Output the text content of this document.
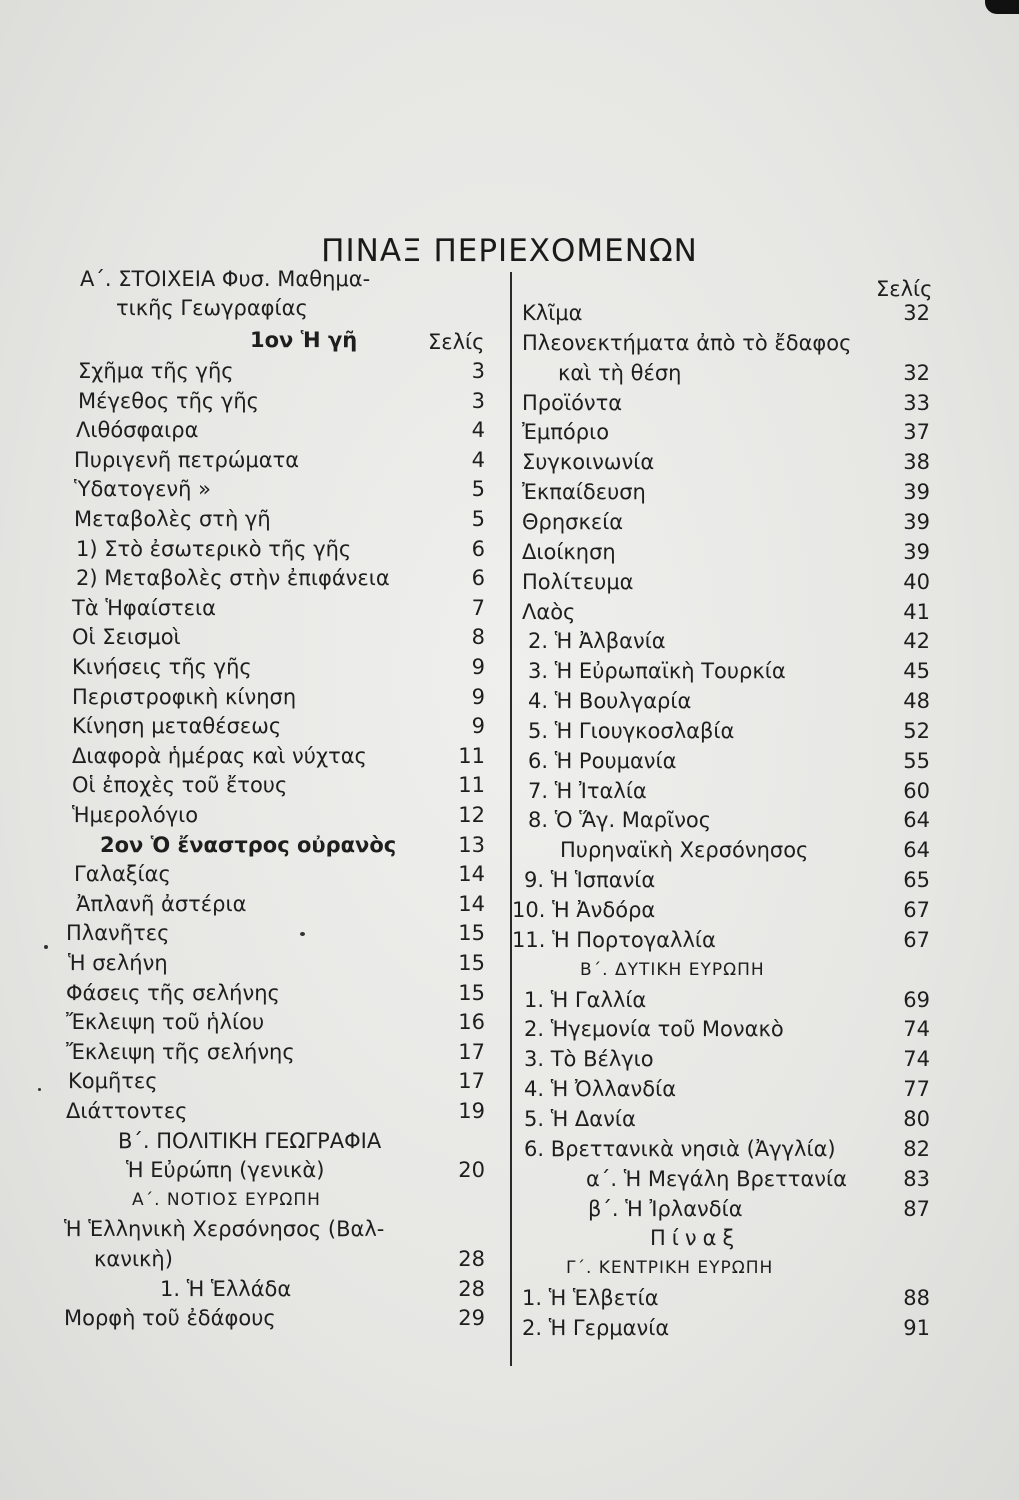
ΠΙΝΑΞ ΠΕΡΙΕΧΟΜΕΝΩΝ
Α΄. ΣΤΟΙΧΕΙΑ Φυσ. Μαθημα-
τικῆς Γεωγραφίας
1ον Ἡ γῆ	Σελίς
Σελίς
Σχῆμα τῆς γῆς	3
Μέγεθος τῆς γῆς	3
Λιθόσφαιρα	4
Πυριγενῆ πετρώματα	4
Ὑδατογενῆ »	5
Μεταβολὲς στὴ γῆ	5
1) Στὸ ἐσωτερικὸ τῆς γῆς	6
2) Μεταβολὲς στὴν ἐπιφάνεια	6
Τὰ Ἡφαίστεια	7
Οἱ Σεισμοὶ	8
Κινήσεις τῆς γῆς	9
Περιστροφικὴ κίνηση	9
Κίνηση μεταθέσεως	9
Διαφορὰ ἡμέρας καὶ νύχτας	11
Οἱ ἐποχὲς τοῦ ἔτους	11
Ἡμερολόγιο	12
2ον Ὁ ἔναστρος οὐρανὸς	13
Γαλαξίας	14
Ἀπλανῆ ἀστέρια	14
Πλανῆτες	15
Ἡ σελήνη	15
Φάσεις τῆς σελήνης	15
Ἔκλειψη τοῦ ἡλίου	16
Ἔκλειψη τῆς σελήνης	17
Κομῆτες	17
Διάττοντες	19
Β΄. ΠΟΛΙΤΙΚΗ ΓΕΩΓΡΑΦΙΑ
Ἡ Εὐρώπη (γενικὰ)	20
Α΄. ΝΟΤΙΟΣ ΕΥΡΩΠΗ
Ἡ Ἑλληνικὴ Χερσόνησος (Βαλ-
κανικὴ)	28
1. Ἡ Ἑλλάδα	28
Μορφὴ τοῦ ἐδάφους	29
Κλῖμα	32
Πλεονεκτήματα ἀπὸ τὸ ἔδαφος
καὶ τὴ θέση	32
Προϊόντα	33
Ἐμπόριο	37
Συγκοινωνία	38
Ἐκπαίδευση	39
Θρησκεία	39
Διοίκηση	39
Πολίτευμα	40
Λαὸς	41
2. Ἡ Ἀλβανία	42
3. Ἡ Εὐρωπαϊκὴ Τουρκία	45
4. Ἡ Βουλγαρία	48
5. Ἡ Γιουγκοσλαβία	52
6. Ἡ Ρουμανία	55
7. Ἡ Ἰταλία	60
8. Ὁ Ἅγ. Μαρῖνος	64
Πυρηναϊκὴ Χερσόνησος	64
9. Ἡ Ἱσπανία	65
10. Ἡ Ἀνδόρα	67
11. Ἡ Πορτογαλλία	67
Β΄. ΔΥΤΙΚΗ ΕΥΡΩΠΗ
1. Ἡ Γαλλία	69
2. Ἡγεμονία τοῦ Μονακὸ	74
3. Τὸ Βέλγιο	74
4. Ἡ Ὀλλανδία	77
5. Ἡ Δανία	80
6. Βρεττανικὰ νησιὰ (Ἀγγλία)	82
α΄. Ἡ Μεγάλη Βρεττανία	83
β΄. Ἡ Ἰρλανδία	87
Πίναξ
Γ΄. ΚΕΝΤΡΙΚΗ ΕΥΡΩΠΗ
1. Ἡ Ἑλβετία	88
2. Ἡ Γερμανία	91
